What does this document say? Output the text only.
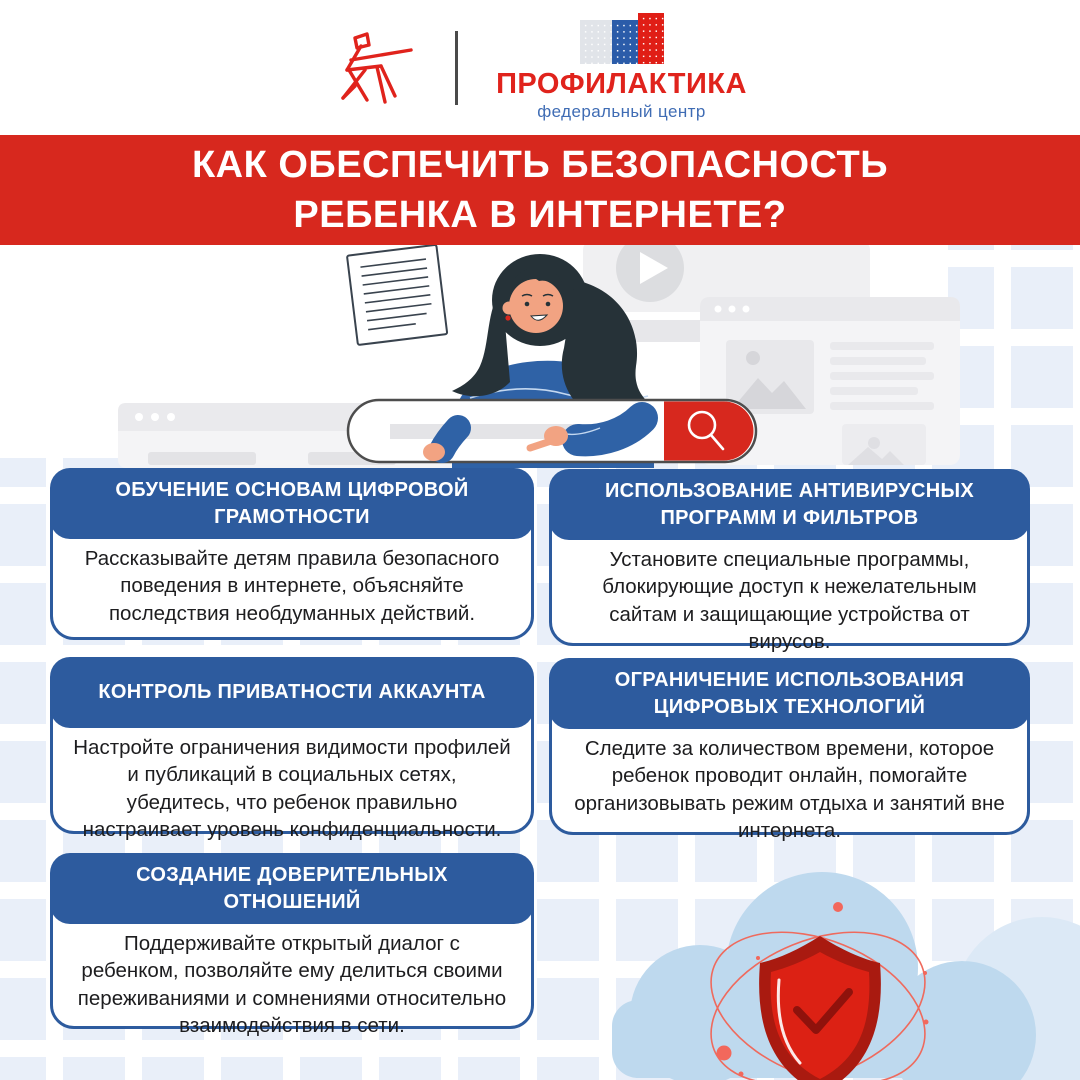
ПРОФИЛАКТИКА
федеральный центр
КАК ОБЕСПЕЧИТЬ БЕЗОПАСНОСТЬ
РЕБЕНКА В ИНТЕРНЕТЕ?
ОБУЧЕНИЕ ОСНОВАМ ЦИФРОВОЙ ГРАМОТНОСТИ
Рассказывайте детям правила безопасного поведения в интернете, объясняйте последствия необдуманных действий.
ИСПОЛЬЗОВАНИЕ АНТИВИРУСНЫХ ПРОГРАММ И ФИЛЬТРОВ
Установите специальные программы, блокирующие доступ к нежелательным сайтам и защищающие устройства от вирусов.
КОНТРОЛЬ ПРИВАТНОСТИ АККАУНТА
Настройте ограничения видимости профилей и публикаций в социальных сетях, убедитесь, что ребенок правильно настраивает уровень конфиденциальности.
ОГРАНИЧЕНИЕ ИСПОЛЬЗОВАНИЯ ЦИФРОВЫХ ТЕХНОЛОГИЙ
Следите за количеством времени, которое ребенок проводит онлайн, помогайте организовывать режим отдыха и занятий вне интернета.
СОЗДАНИЕ ДОВЕРИТЕЛЬНЫХ ОТНОШЕНИЙ
Поддерживайте открытый диалог с ребенком, позволяйте ему делиться своими переживаниями и сомнениями относительно взаимодействия в сети.
